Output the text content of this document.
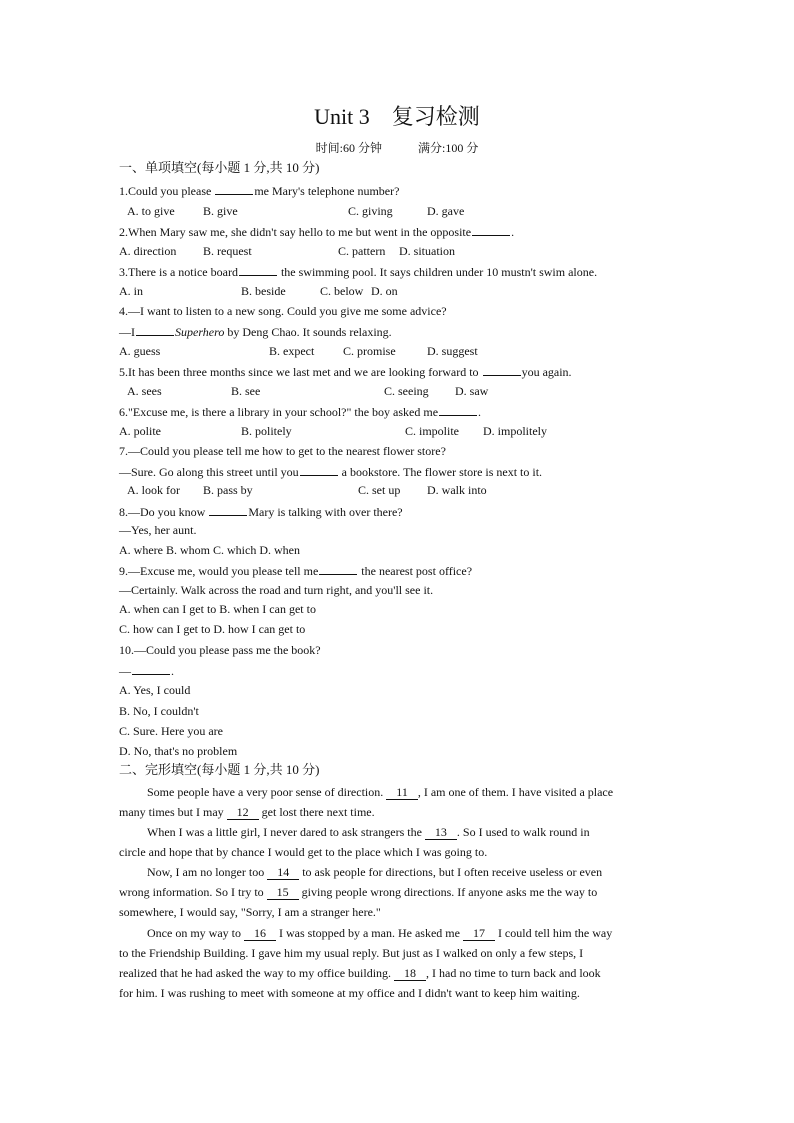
Unit 3 复习检测
时间:60 分钟	满分:100 分
一、单项填空(每小题 1 分,共 10 分)
1.Could you please	me Mary's telephone number?
A. to give B. give	C. giving	D. gave
2.When Mary saw me, she didn't say hello to me but went in the opposite	.
A. direction B. request	C. pattern D. situation
3.There is a notice board	the swimming pool. It says children under 10 mustn't swim alone.
A. in	B. beside	C. below D. on
4.—I want to listen to a new song. Could you give me some advice?
—I	Superhero by Deng Chao. It sounds relaxing.
A. guess	B. expect C. promise	D. suggest
5.It has been three months since we last met and we are looking forward to	you again.
A. sees	B. see	C. seeing D. saw
6."Excuse me, is there a library in your school?" the boy asked me	.
A. polite	B. politely	C. impolite D. impolitely
7.—Could you please tell me how to get to the nearest flower store?
—Sure. Go along this street until you	a bookstore. The flower store is next to it.
A. look for B. pass by	C. set up D. walk into
8.—Do you know	Mary is talking with over there?
—Yes, her aunt.
A. where B. whom C. which D. when
9.—Excuse me, would you please tell me	the nearest post office?
—Certainly. Walk across the road and turn right, and you'll see it.
A. when can I get to B. when I can get to
C. how can I get to D. how I can get to
10.—Could you please pass me the book?
—	.
A. Yes, I could
B. No, I couldn't
C. Sure. Here you are
D. No, that's no problem
二、完形填空(每小题 1 分,共 10 分)
Some people have a very poor sense of direction. 11 , I am one of them. I have visited a place
many times but I may 12 get lost there next time.
When I was a little girl, I never dared to ask strangers the 13 . So I used to walk round in
circle and hope that by chance I would get to the place which I was going to.
Now, I am no longer too 14 to ask people for directions, but I often receive useless or even
wrong information. So I try to 15 giving people wrong directions. If anyone asks me the way to
somewhere, I would say, "Sorry, I am a stranger here."
Once on my way to 16 I was stopped by a man. He asked me 17 I could tell him the way
to the Friendship Building. I gave him my usual reply. But just as I walked on only a few steps, I
realized that he had asked the way to my office building. 18 , I had no time to turn back and look
for him. I was rushing to meet with someone at my office and I didn't want to keep him waiting.
